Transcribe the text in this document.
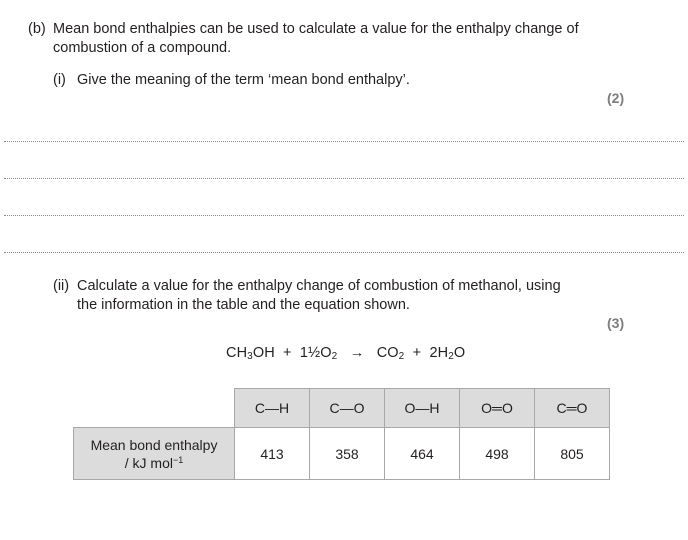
(b) Mean bond enthalpies can be used to calculate a value for the enthalpy change of
combustion of a compound.
(i) Give the meaning of the term ‘mean bond enthalpy’.
(2)
(ii) Calculate a value for the enthalpy change of combustion of methanol, using
the information in the table and the equation shown.
(3)
$CH_3OH$ + $1\frac{1}{2}O_2 \to CO_2 + 2H_2O$
	C—H	C—O	O—H	O═O	C═O
Mean bond enthalpy
/ kJ mol$^{-1}$	413	358	464	498	805
